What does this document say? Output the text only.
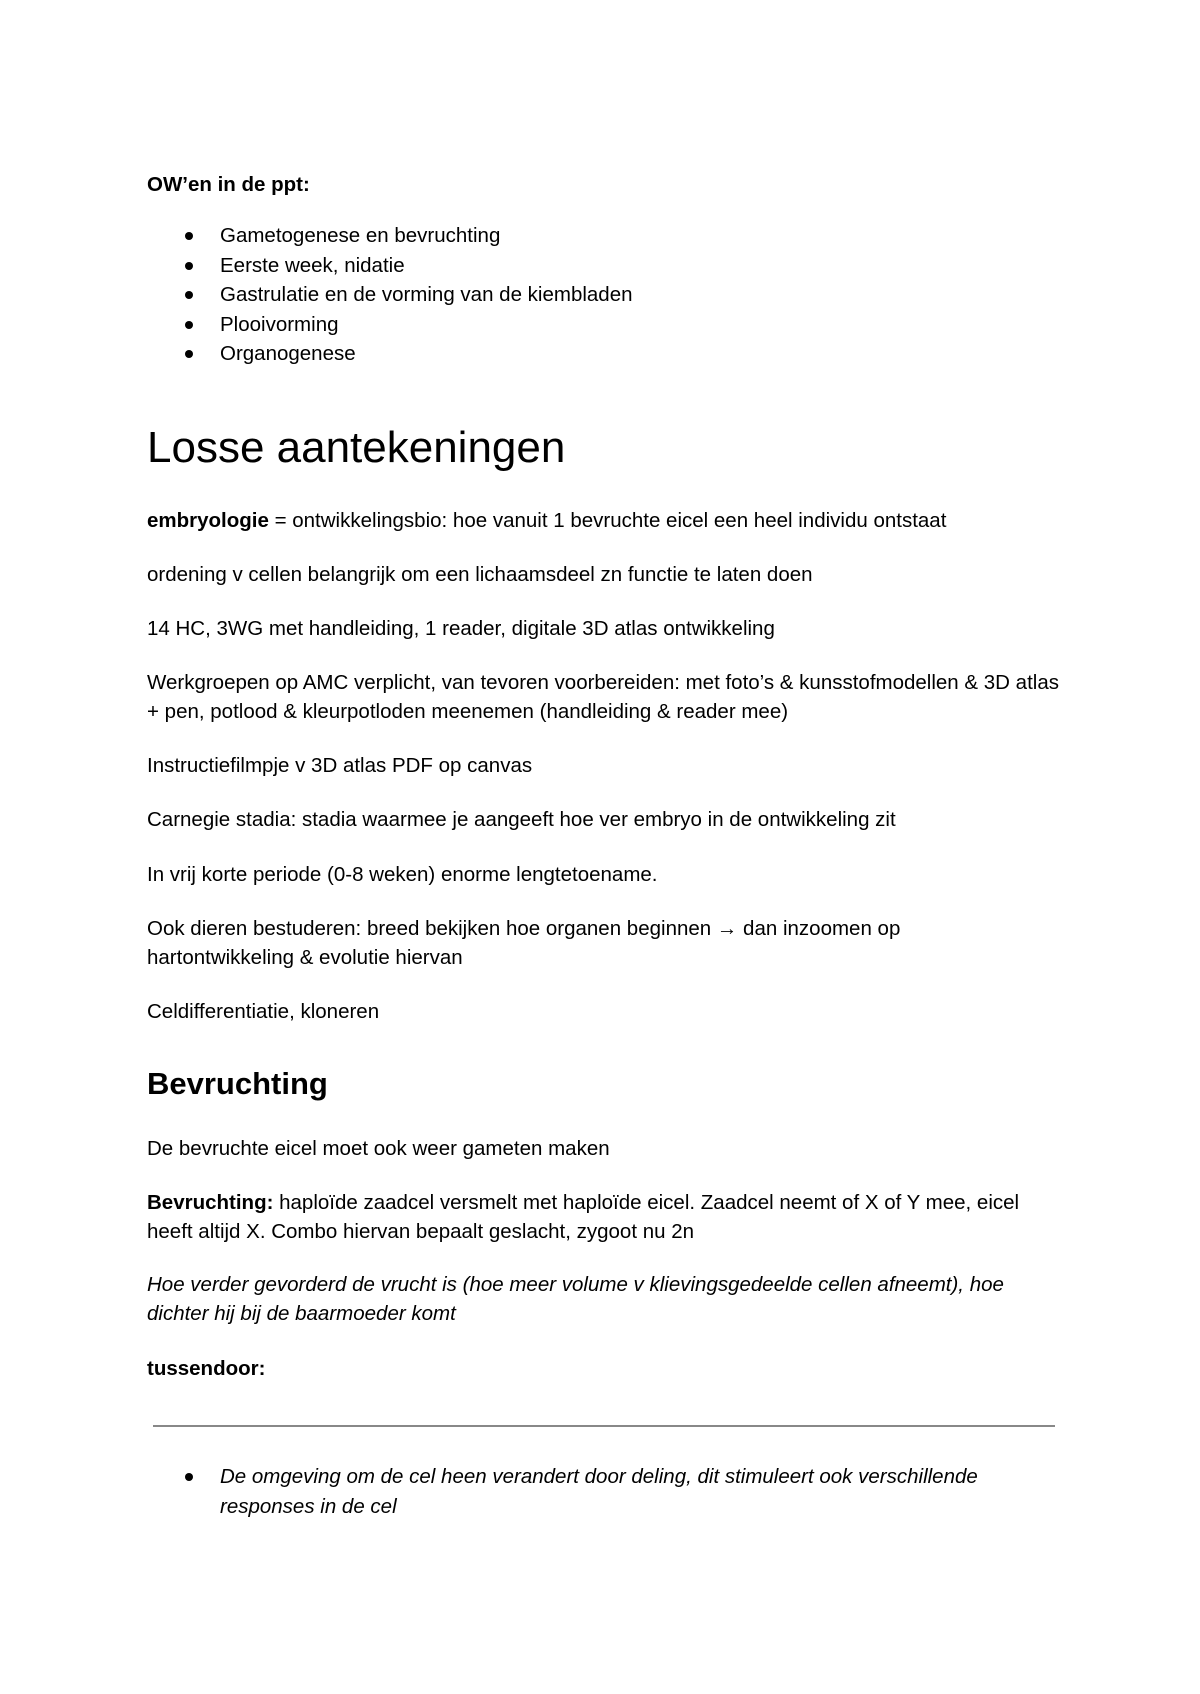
OW’en in de ppt:

Gametogenese en bevruchting
Eerste week, nidatie
Gastrulatie en de vorming van de kiembladen
Plooivorming
Organogenese
Losse aantekeningen

embryologie = ontwikkelingsbio: hoe vanuit 1 bevruchte eicel een heel individu ontstaat

ordening v cellen belangrijk om een lichaamsdeel zn functie te laten doen

14 HC, 3WG met handleiding, 1 reader, digitale 3D atlas ontwikkeling

Werkgroepen op AMC verplicht, van tevoren voorbereiden: met foto’s & kunsstofmodellen & 3D atlas + pen, potlood & kleurpotloden meenemen (handleiding & reader mee)

Instructiefilmpje v 3D atlas PDF op canvas

Carnegie stadia: stadia waarmee je aangeeft hoe ver embryo in de ontwikkeling zit

In vrij korte periode (0-8 weken) enorme lengtetoename.

Ook dieren bestuderen: breed bekijken hoe organen beginnen → dan inzoomen op hartontwikkeling & evolutie hiervan

Celdifferentiatie, kloneren

Bevruchting

De bevruchte eicel moet ook weer gameten maken

Bevruchting: haploïde zaadcel versmelt met haploïde eicel. Zaadcel neemt of X of Y mee, eicel heeft altijd X. Combo hiervan bepaalt geslacht, zygoot nu 2n

Hoe verder gevorderd de vrucht is (hoe meer volume v klievingsgedeelde cellen afneemt), hoe dichter hij bij de baarmoeder komt

tussendoor:

De omgeving om de cel heen verandert door deling, dit stimuleert ook verschillende responses in de cel
